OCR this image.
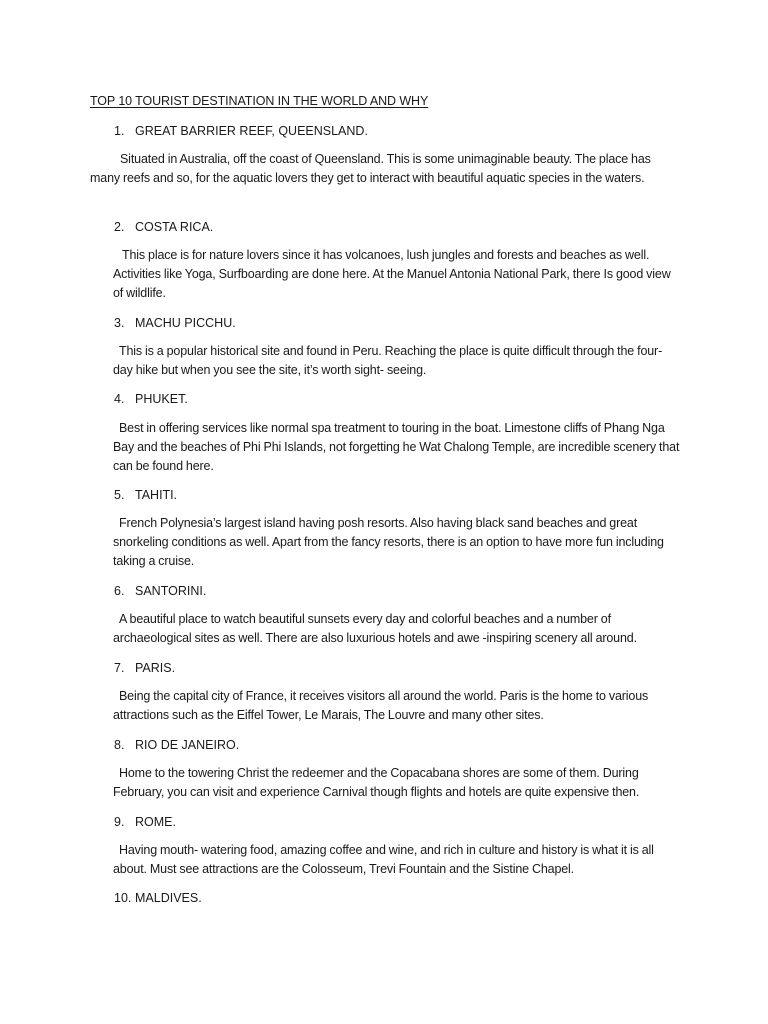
TOP 10 TOURIST DESTINATION IN THE WORLD AND WHY
1. GREAT BARRIER REEF, QUEENSLAND.
Situated in Australia, off the coast of Queensland. This is some unimaginable beauty. The place has many reefs and so, for the aquatic lovers they get to interact with beautiful aquatic species in the waters.
2. COSTA RICA.
This place is for nature lovers since it has volcanoes, lush jungles and forests and beaches as well. Activities like Yoga, Surfboarding are done here. At the Manuel Antonia National Park, there Is good view of wildlife.
3. MACHU PICCHU.
This is a popular historical site and found in Peru. Reaching the place is quite difficult through the four- day hike but when you see the site, it’s worth sight- seeing.
4. PHUKET.
Best in offering services like normal spa treatment to touring in the boat. Limestone cliffs of Phang Nga Bay and the beaches of Phi Phi Islands, not forgetting he Wat Chalong Temple, are incredible scenery that can be found here.
5. TAHITI.
French Polynesia’s largest island having posh resorts. Also having black sand beaches and great snorkeling conditions as well. Apart from the fancy resorts, there is an option to have more fun including taking a cruise.
6. SANTORINI.
A beautiful place to watch beautiful sunsets every day and colorful beaches and a number of archaeological sites as well. There are also luxurious hotels and awe -inspiring scenery all around.
7. PARIS.
Being the capital city of France, it receives visitors all around the world. Paris is the home to various attractions such as the Eiffel Tower, Le Marais, The Louvre and many other sites.
8. RIO DE JANEIRO.
Home to the towering Christ the redeemer and the Copacabana shores are some of them. During February, you can visit and experience Carnival though flights and hotels are quite expensive then.
9. ROME.
Having mouth- watering food, amazing coffee and wine, and rich in culture and history is what it is all about. Must see attractions are the Colosseum, Trevi Fountain and the Sistine Chapel.
10. MALDIVES.
